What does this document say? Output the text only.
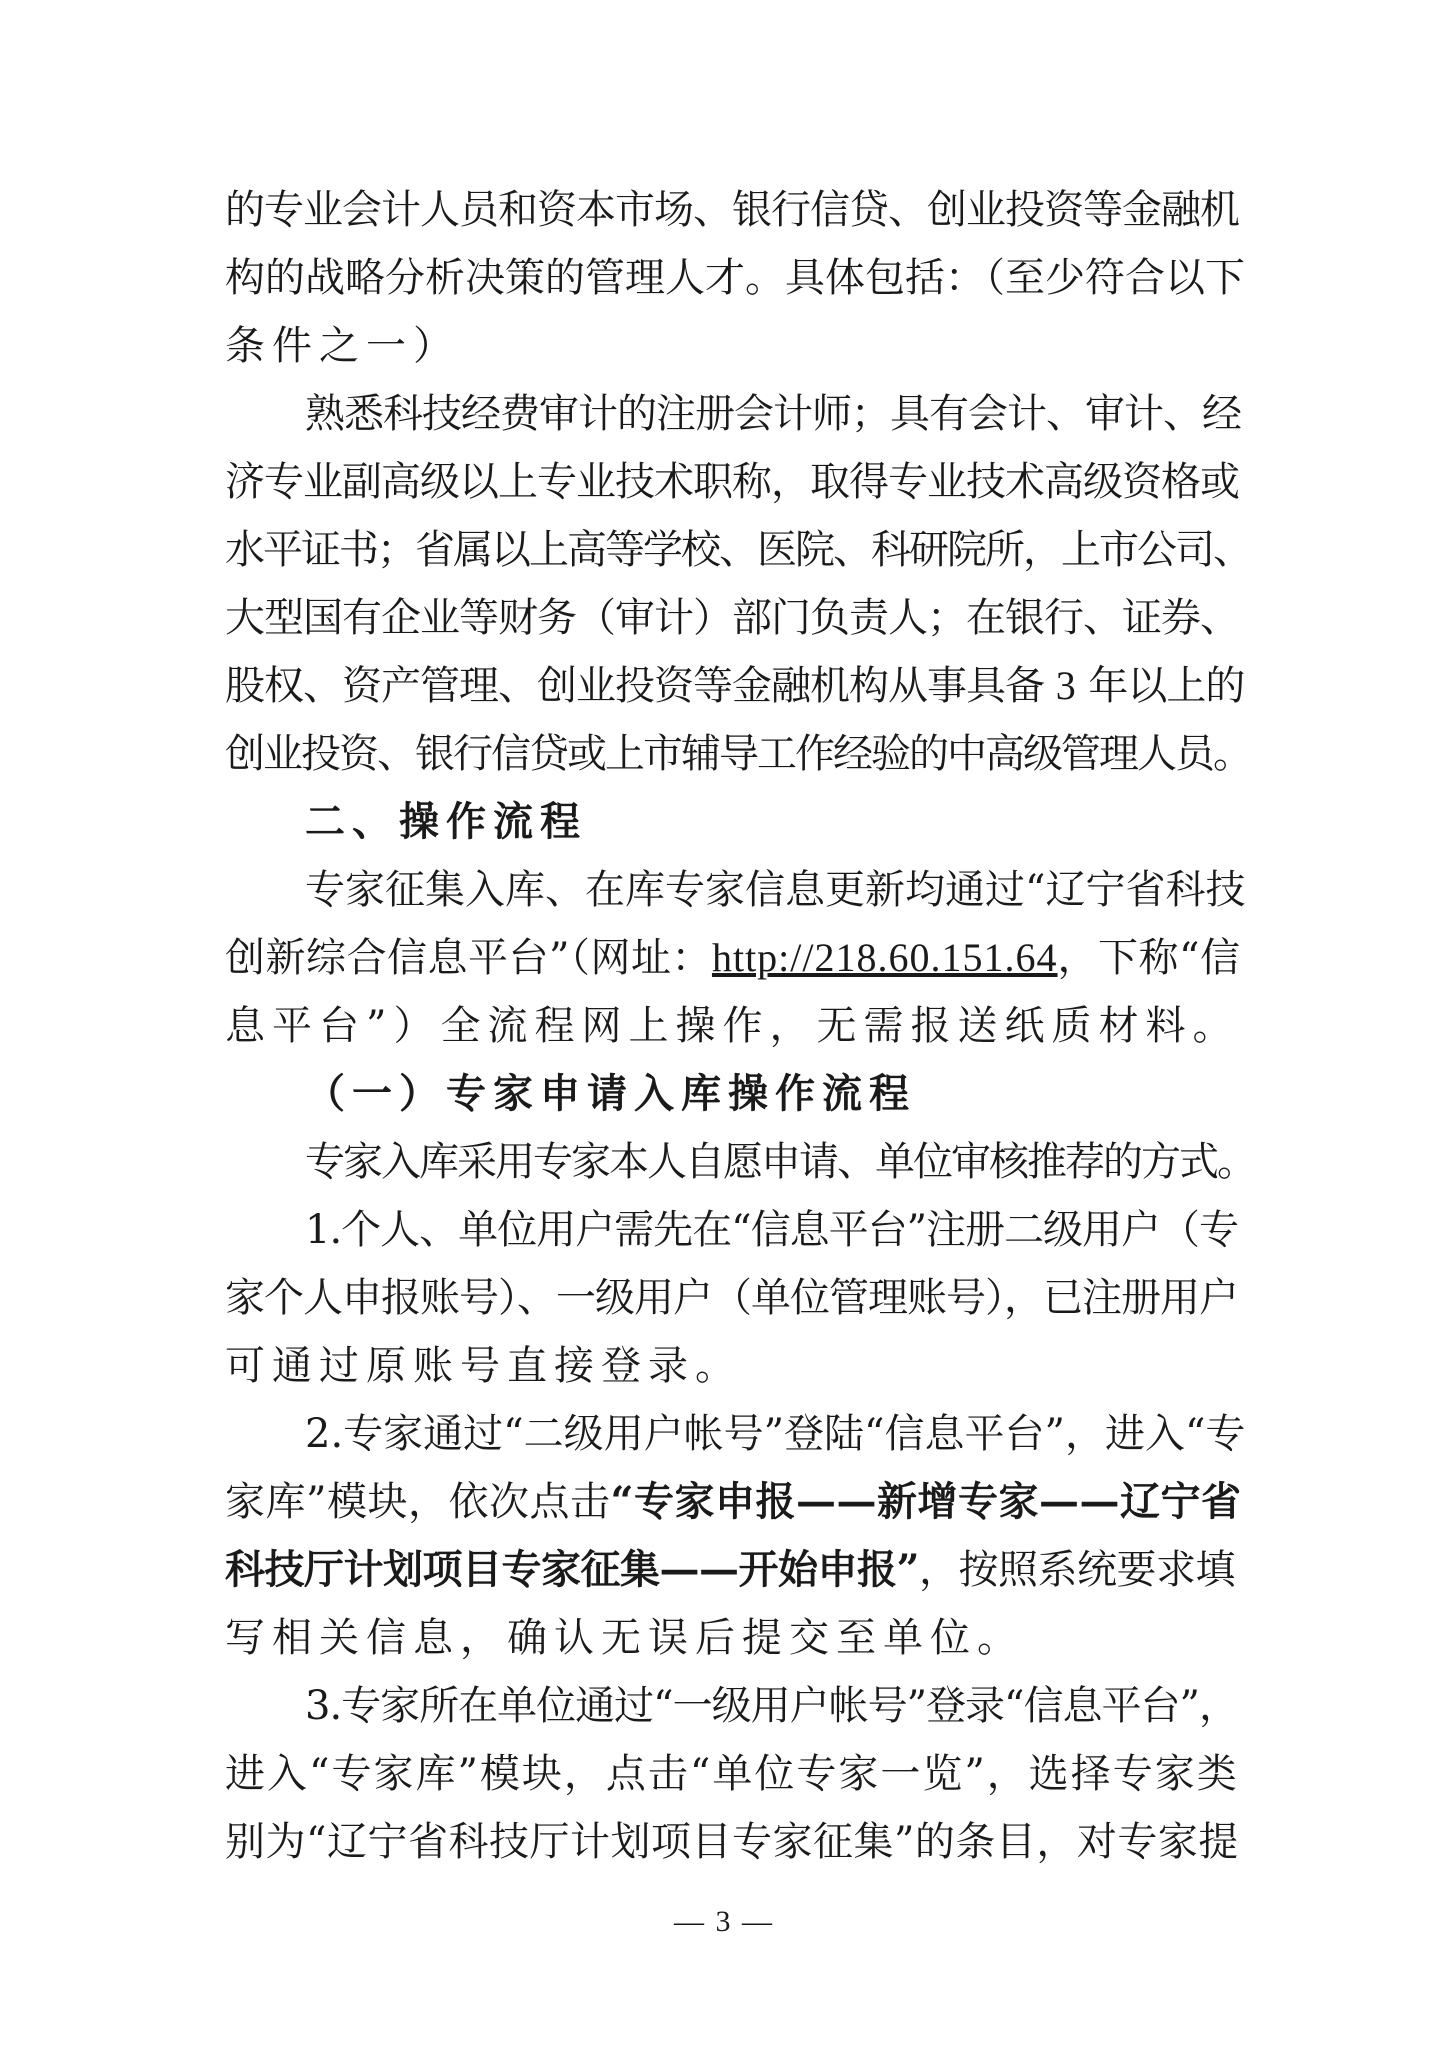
的专业会计人员和资本市场、银行信贷、创业投资等金融机
构的战略分析决策的管理人才。具体包括：（至少符合以下
条件之一）
熟悉科技经费审计的注册会计师；具有会计、审计、经
济专业副高级以上专业技术职称，取得专业技术高级资格或
水平证书；省属以上高等学校、医院、科研院所，上市公司、
大型国有企业等财务（审计）部门负责人；在银行、证券、
股权、资产管理、创业投资等金融机构从事具备 3 年以上的
创业投资、银行信贷或上市辅导工作经验的中高级管理人员。
二、操作流程
专家征集入库、在库专家信息更新均通过“辽宁省科技
创新综合信息平台”（网址：http://218.60.151.64，下称“信
息平台”）全流程网上操作，无需报送纸质材料。
（一）专家申请入库操作流程
专家入库采用专家本人自愿申请、单位审核推荐的方式。
1.个人、单位用户需先在“信息平台”注册二级用户（专
家个人申报账号）、一级用户（单位管理账号），已注册用户
可通过原账号直接登录。
2.专家通过“二级用户帐号”登陆“信息平台”，进入“专
家库”模块，依次点击“专家申报——新增专家——辽宁省
科技厅计划项目专家征集——开始申报”，按照系统要求填
写相关信息，确认无误后提交至单位。
3.专家所在单位通过“一级用户帐号”登录“信息平台”，
进入“专家库”模块，点击“单位专家一览”，选择专家类
别为“辽宁省科技厅计划项目专家征集”的条目，对专家提
— 3 —
